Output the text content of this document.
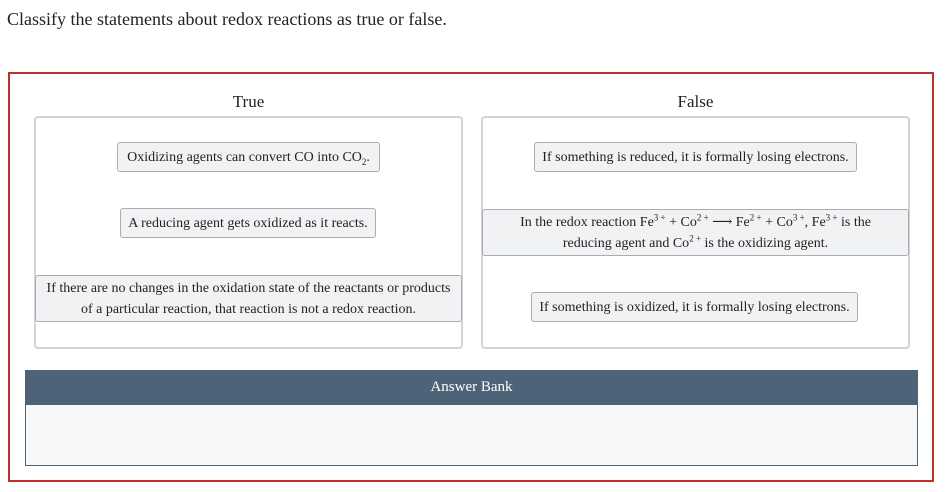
Classify the statements about redox reactions as true or false.
True
Oxidizing agents can convert CO into $CO_2$.
A reducing agent gets oxidized as it reacts.
If there are no changes in the oxidation state of the reactants or products
of a particular reaction, that reaction is not a redox reaction.
False
If something is reduced, it is formally losing electrons.
In the redox reaction $Fe^{3 +} + Co^{2 +}$ ⟶ $Fe^{2 +} + Co^{3 +}$, $Fe^{3 +}$ is the
reducing agent and $Co^{2 +}$ is the oxidizing agent.
If something is oxidized, it is formally losing electrons.
Answer Bank
